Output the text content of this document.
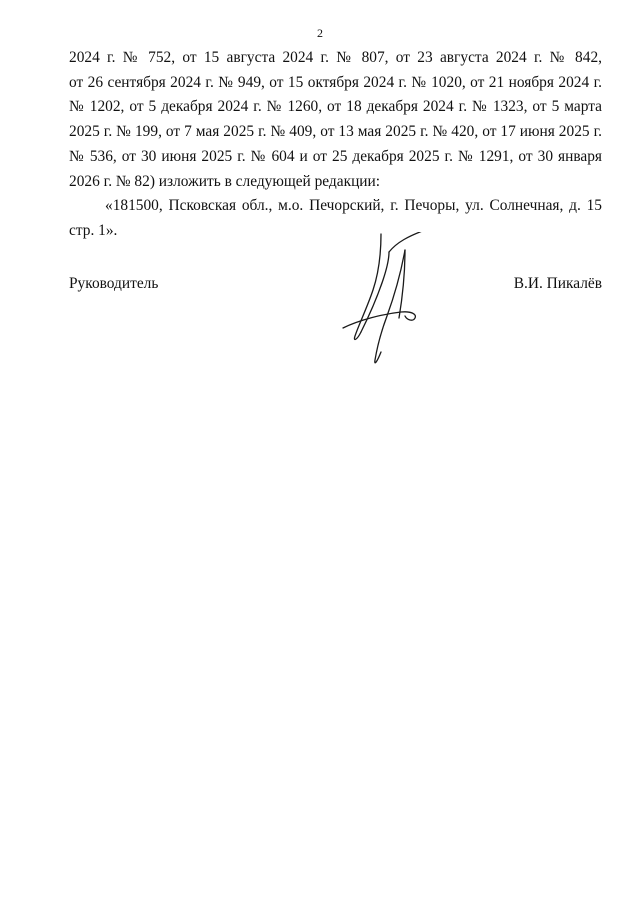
2
2024 г. № 752, от 15 августа 2024 г. № 807, от 23 августа 2024 г. № 842,
от 26 сентября 2024 г. № 949, от 15 октября 2024 г. № 1020, от 21 ноября 2024 г.
№ 1202, от 5 декабря 2024 г. № 1260, от 18 декабря 2024 г. № 1323, от 5 марта
2025 г. № 199, от 7 мая 2025 г. № 409, от 13 мая 2025 г. № 420, от 17 июня 2025 г.
№ 536, от 30 июня 2025 г. № 604 и от 25 декабря 2025 г. № 1291, от 30 января
2026 г. № 82) изложить в следующей редакции:
«181500, Псковская обл., м.о. Печорский, г. Печоры, ул. Солнечная, д. 15
стр. 1».
Руководитель	В.И. Пикалёв
